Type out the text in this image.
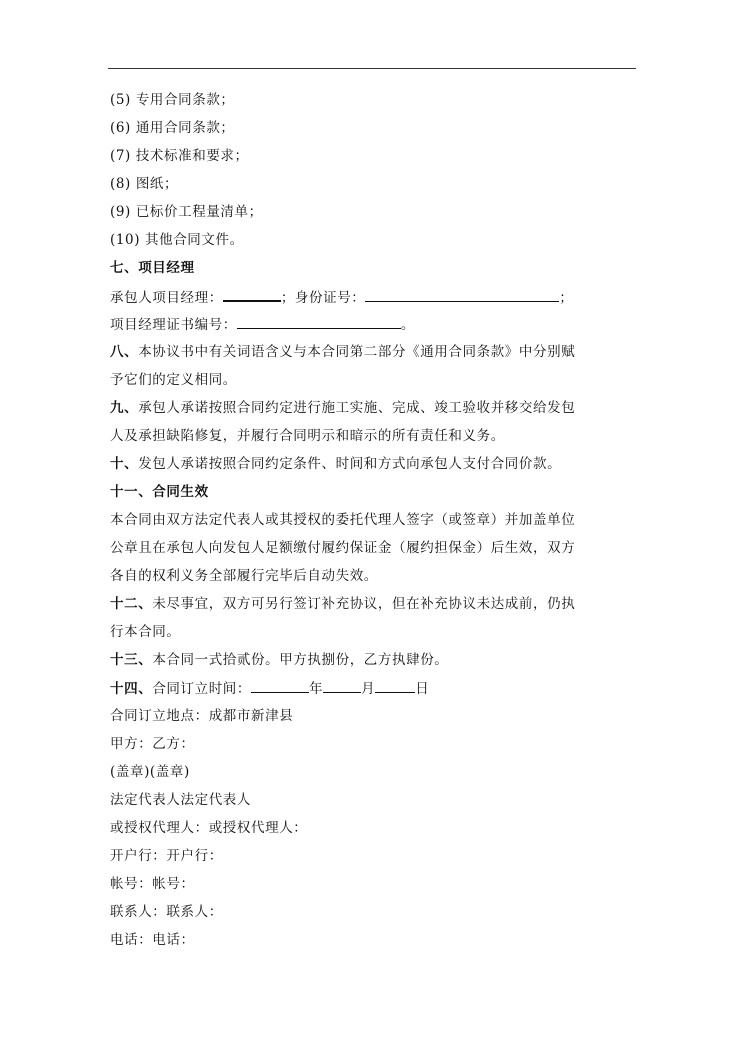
(5) 专用合同条款；
(6) 通用合同条款；
(7) 技术标准和要求；
(8) 图纸；
(9) 已标价工程量清单；
(10) 其他合同文件。
七、项目经理
承包人项目经理：	；身份证号：	；
项目经理证书编号：	。
八、本协议书中有关词语含义与本合同第二部分《通用合同条款》中分别赋
予它们的定义相同。
九、承包人承诺按照合同约定进行施工实施、完成、竣工验收并移交给发包
人及承担缺陷修复，并履行合同明示和暗示的所有责任和义务。
十、发包人承诺按照合同约定条件、时间和方式向承包人支付合同价款。
十一、合同生效
本合同由双方法定代表人或其授权的委托代理人签字（或签章）并加盖单位
公章且在承包人向发包人足额缴付履约保证金（履约担保金）后生效，双方
各自的权利义务全部履行完毕后自动失效。
十二、未尽事宜，双方可另行签订补充协议，但在补充协议未达成前，仍执
行本合同。
十三、本合同一式拾贰份。甲方执捌份，乙方执肆份。
十四、合同订立时间：	年	月	日
合同订立地点：成都市新津县
甲方：乙方：
(盖章)(盖章)
法定代表人法定代表人
或授权代理人：或授权代理人：
开户行：开户行：
帐号：帐号：
联系人：联系人：
电话：电话：
